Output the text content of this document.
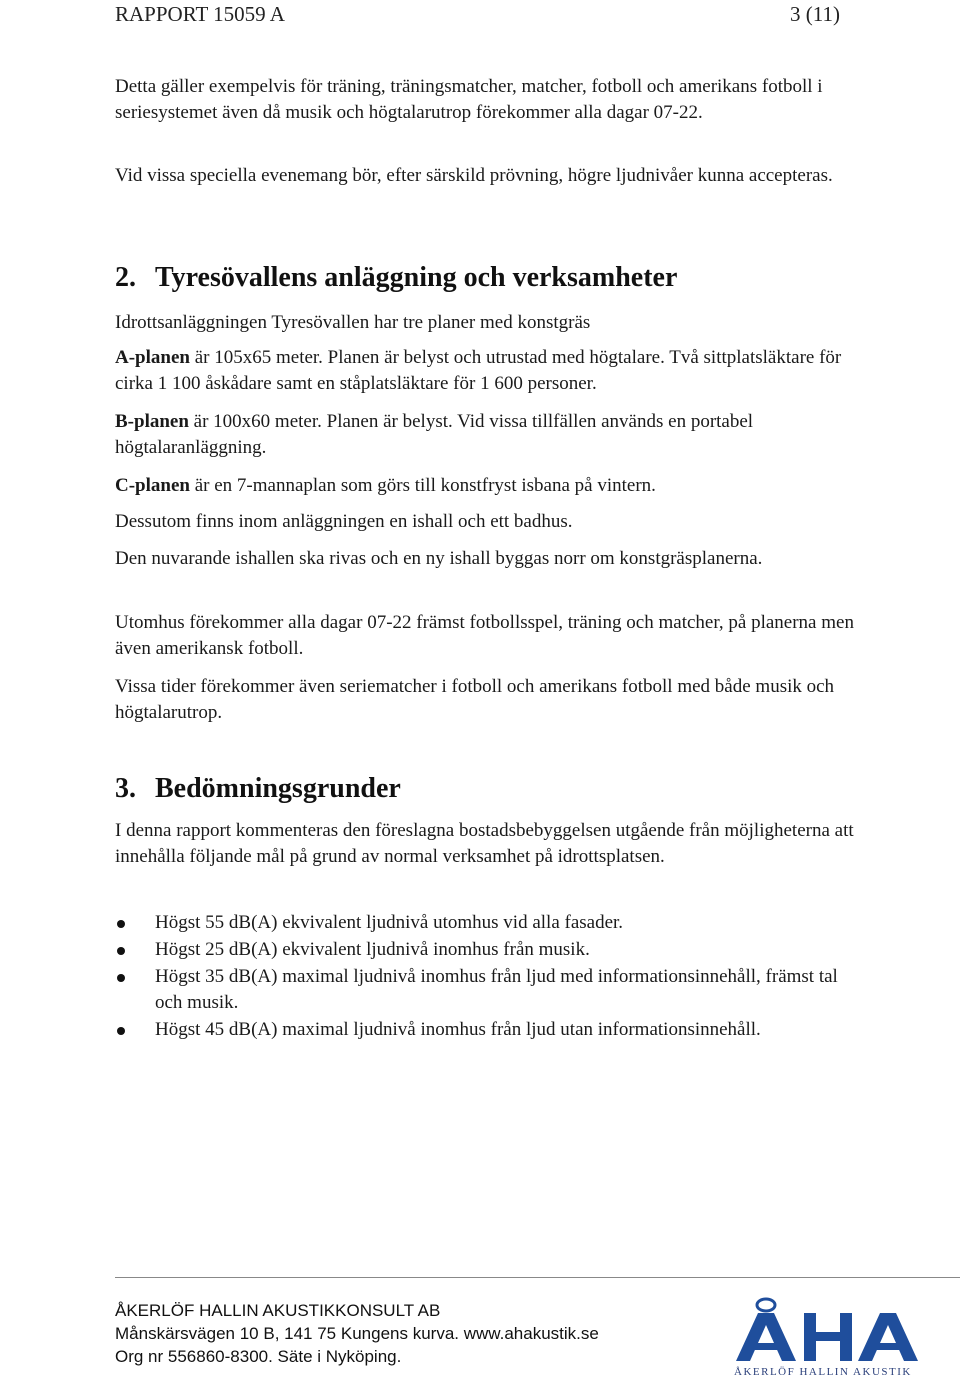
RAPPORT 15059 A	3 (11)
Detta gäller exempelvis för träning, träningsmatcher, matcher, fotboll och amerikans fotboll i seriesystemet även då musik och högtalarutrop förekommer alla dagar 07-22.
Vid vissa speciella evenemang bör, efter särskild prövning, högre ljudnivåer kunna accepteras.
2. Tyresövallens anläggning och verksamheter
Idrottsanläggningen Tyresövallen har tre planer med konstgräs
A-planen är 105x65 meter. Planen är belyst och utrustad med högtalare. Två sittplatsläktare för cirka 1 100 åskådare samt en ståplatsläktare för 1 600 personer.
B-planen är 100x60 meter. Planen är belyst. Vid vissa tillfällen används en portabel högtalaranläggning.
C-planen är en 7-mannaplan som görs till konstfryst isbana på vintern.
Dessutom finns inom anläggningen en ishall och ett badhus.
Den nuvarande ishallen ska rivas och en ny ishall byggas norr om konstgräsplanerna.
Utomhus förekommer alla dagar 07-22 främst fotbollsspel, träning och matcher, på planerna men även amerikansk fotboll.
Vissa tider förekommer även seriematcher i fotboll och amerikans fotboll med både musik och högtalarutrop.
3. Bedömningsgrunder
I denna rapport kommenteras den föreslagna bostadsbebyggelsen utgående från möjligheterna att innehålla följande mål på grund av normal verksamhet på idrottsplatsen.
Högst 55 dB(A) ekvivalent ljudnivå utomhus vid alla fasader.
Högst 25 dB(A) ekvivalent ljudnivå inomhus från musik.
Högst 35 dB(A) maximal ljudnivå inomhus från ljud med informationsinnehåll, främst tal och musik.
Högst 45 dB(A) maximal ljudnivå inomhus från ljud utan informationsinnehåll.
ÅKERLÖF HALLIN AKUSTIKKONSULT AB
Månskärsvägen 10 B, 141 75 Kungens kurva. www.ahakustik.se
Org nr 556860-8300. Säte i Nyköping.
ÅKERLÖF HALLIN AKUSTIK
